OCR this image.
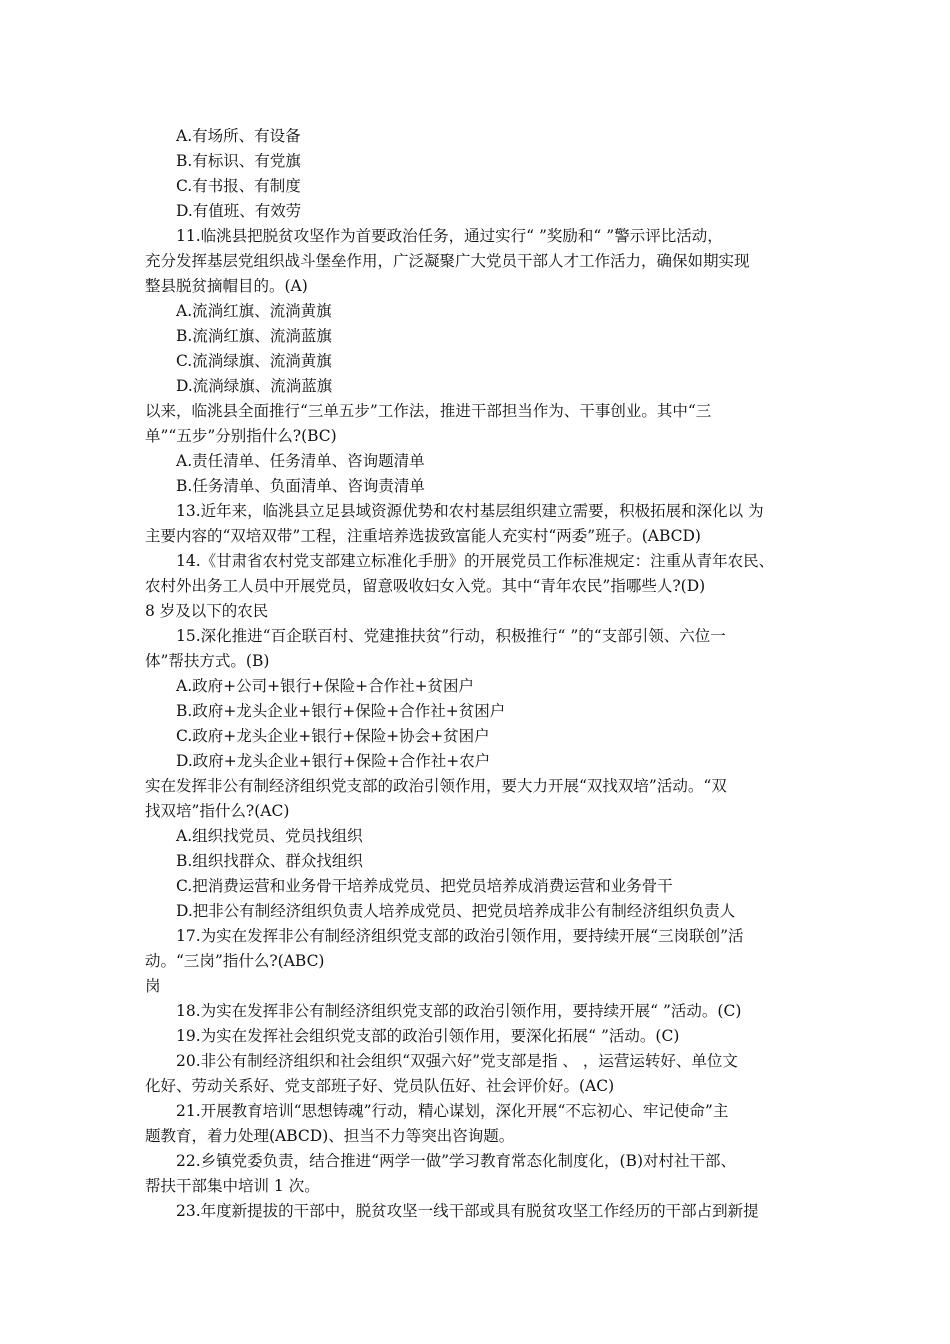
A.有场所、有设备
B.有标识、有党旗
C.有书报、有制度
D.有值班、有效劳
11.临洮县把脱贫攻坚作为首要政治任务，通过实行“ ”奖励和“ ”警示评比活动，
充分发挥基层党组织战斗堡垒作用，广泛凝聚广大党员干部人才工作活力，确保如期实现
整县脱贫摘帽目的。(A)
A.流淌红旗、流淌黄旗
B.流淌红旗、流淌蓝旗
C.流淌绿旗、流淌黄旗
D.流淌绿旗、流淌蓝旗
以来，临洮县全面推行“三单五步”工作法，推进干部担当作为、干事创业。其中“三
单”“五步”分别指什么?(BC)
A.责任清单、任务清单、咨询题清单
B.任务清单、负面清单、咨询责清单
13.近年来，临洮县立足县域资源优势和农村基层组织建立需要，积极拓展和深化以 为
主要内容的“双培双带”工程，注重培养选拔致富能人充实村“两委”班子。(ABCD)
14.《甘肃省农村党支部建立标准化手册》的开展党员工作标准规定：注重从青年农民、
农村外出务工人员中开展党员，留意吸收妇女入党。其中“青年农民”指哪些人?(D)
8 岁及以下的农民
15.深化推进“百企联百村、党建推扶贫”行动，积极推行“ ”的“支部引领、六位一
体”帮扶方式。(B)
A.政府+公司+银行+保险+合作社+贫困户
B.政府+龙头企业+银行+保险+合作社+贫困户
C.政府+龙头企业+银行+保险+协会+贫困户
D.政府+龙头企业+银行+保险+合作社+农户
实在发挥非公有制经济组织党支部的政治引领作用，要大力开展“双找双培”活动。“双
找双培”指什么?(AC)
A.组织找党员、党员找组织
B.组织找群众、群众找组织
C.把消费运营和业务骨干培养成党员、把党员培养成消费运营和业务骨干
D.把非公有制经济组织负责人培养成党员、把党员培养成非公有制经济组织负责人
17.为实在发挥非公有制经济组织党支部的政治引领作用，要持续开展“三岗联创”活
动。“三岗”指什么?(ABC)
岗
18.为实在发挥非公有制经济组织党支部的政治引领作用，要持续开展“ ”活动。(C)
19.为实在发挥社会组织党支部的政治引领作用，要深化拓展“ ”活动。(C)
20.非公有制经济组织和社会组织“双强六好”党支部是指 、 ，运营运转好、单位文
化好、劳动关系好、党支部班子好、党员队伍好、社会评价好。(AC)
21.开展教育培训“思想铸魂”行动，精心谋划，深化开展“不忘初心、牢记使命”主
题教育，着力处理(ABCD)、担当不力等突出咨询题。
22.乡镇党委负责，结合推进“两学一做”学习教育常态化制度化，(B)对村社干部、
帮扶干部集中培训 1 次。
23.年度新提拔的干部中，脱贫攻坚一线干部或具有脱贫攻坚工作经历的干部占到新提
